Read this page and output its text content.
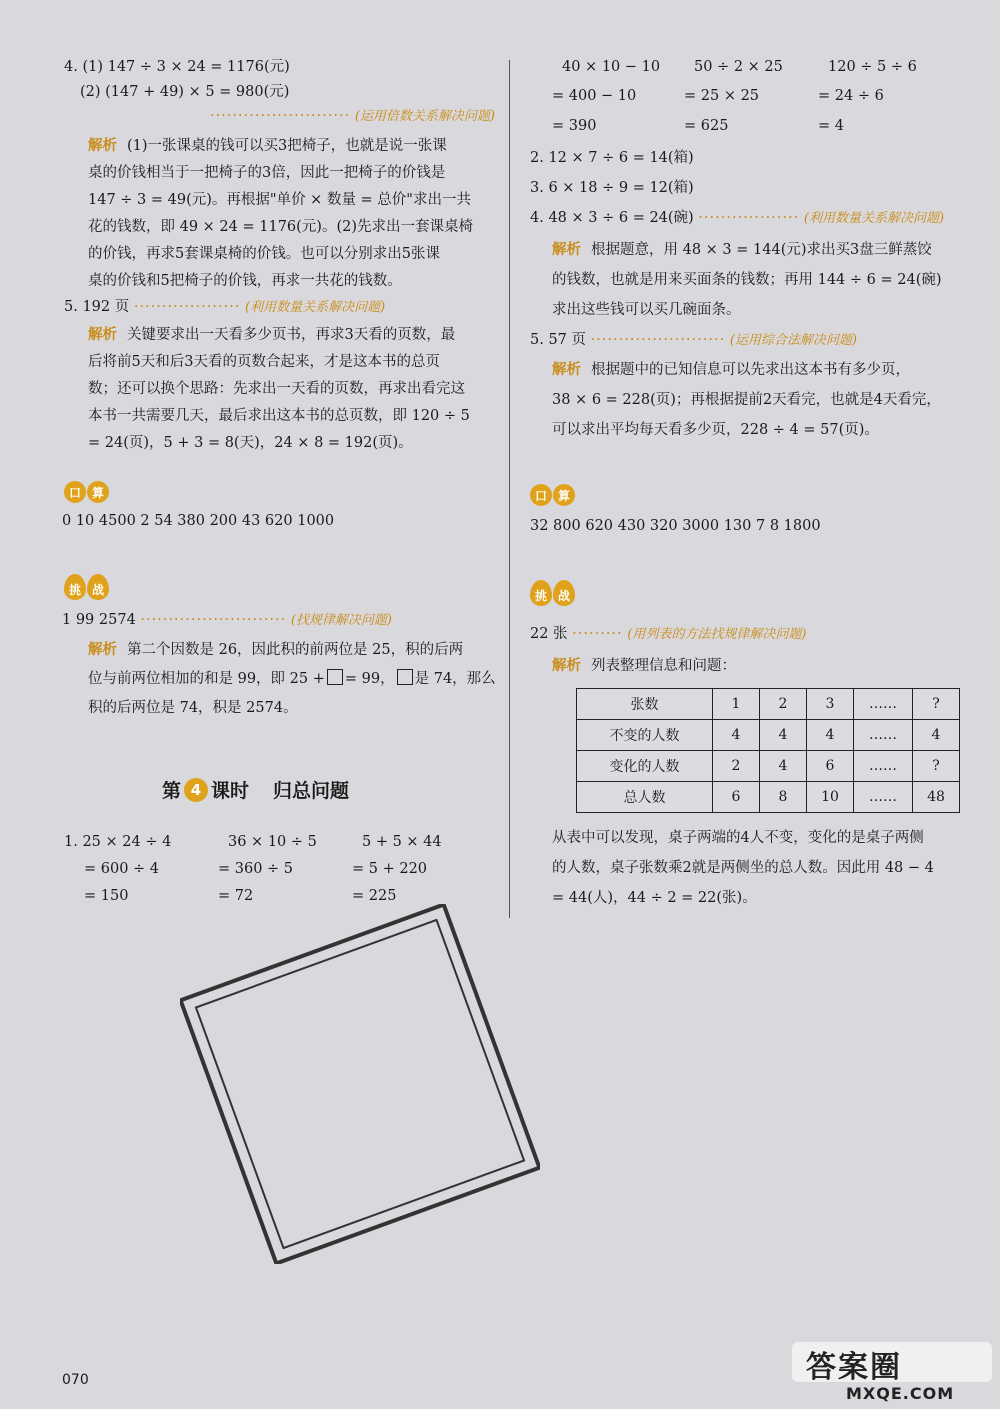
4. (1) 147 ÷ 3 × 24 = 1176(元)
(2) (147 + 49) × 5 = 980(元)
························· (运用倍数关系解决问题)
解析 (1)一张课桌的钱可以买3把椅子，也就是说一张课
桌的价钱相当于一把椅子的3倍，因此一把椅子的价钱是
147 ÷ 3 = 49(元)。再根据"单价 × 数量 = 总价"求出一共
花的钱数，即 49 × 24 = 1176(元)。(2)先求出一套课桌椅
的价钱，再求5套课桌椅的价钱。也可以分别求出5张课
桌的价钱和5把椅子的价钱，再求一共花的钱数。
5. 192 页 ··················· (利用数量关系解决问题)
解析 关键要求出一天看多少页书，再求3天看的页数，最
后将前5天和后3天看的页数合起来，才是这本书的总页
数；还可以换个思路：先求出一天看的页数，再求出看完这
本书一共需要几天，最后求出这本书的总页数，即 120 ÷ 5
= 24(页)，5 + 3 = 8(天)，24 × 8 = 192(页)。
口 算
0 10 4500 2 54 380 200 43 620 1000
挑 战
1 99 2574 ·························· (找规律解决问题)
解析 第二个因数是 26，因此积的前两位是 25，积的后两
位与前两位相加的和是 99，即 25 + = 99， 是 74，那么
积的后两位是 74，积是 2574。
第 4 课时 归总问题
1. 25 × 24 ÷ 4
= 600 ÷ 4
= 150
36 × 10 ÷ 5
= 360 ÷ 5
= 72
5 + 5 × 44
= 5 + 220
= 225
40 × 10 − 10
= 400 − 10
= 390
50 ÷ 2 × 25
= 25 × 25
= 625
120 ÷ 5 ÷ 6
= 24 ÷ 6
= 4
2. 12 × 7 ÷ 6 = 14(箱)
3. 6 × 18 ÷ 9 = 12(箱)
4. 48 × 3 ÷ 6 = 24(碗) ·················· (利用数量关系解决问题)
解析 根据题意，用 48 × 3 = 144(元)求出买3盘三鲜蒸饺
的钱数，也就是用来买面条的钱数；再用 144 ÷ 6 = 24(碗)
求出这些钱可以买几碗面条。
5. 57 页 ························ (运用综合法解决问题)
解析 根据题中的已知信息可以先求出这本书有多少页，
38 × 6 = 228(页)；再根据提前2天看完，也就是4天看完，
可以求出平均每天看多少页，228 ÷ 4 = 57(页)。
口 算
32 800 620 430 320 3000 130 7 8 1800
挑 战
22 张 ········· (用列表的方法找规律解决问题)
解析 列表整理信息和问题：
张数	1	2	3	……	?
不变的人数	4	4	4	……	4
变化的人数	2	4	6	……	?
总人数	6	8	10	……	48
从表中可以发现，桌子两端的4人不变，变化的是桌子两侧
的人数，桌子张数乘2就是两侧坐的总人数。因此用 48 − 4
= 44(人)，44 ÷ 2 = 22(张)。
070	答案圈
MXQE.COM
